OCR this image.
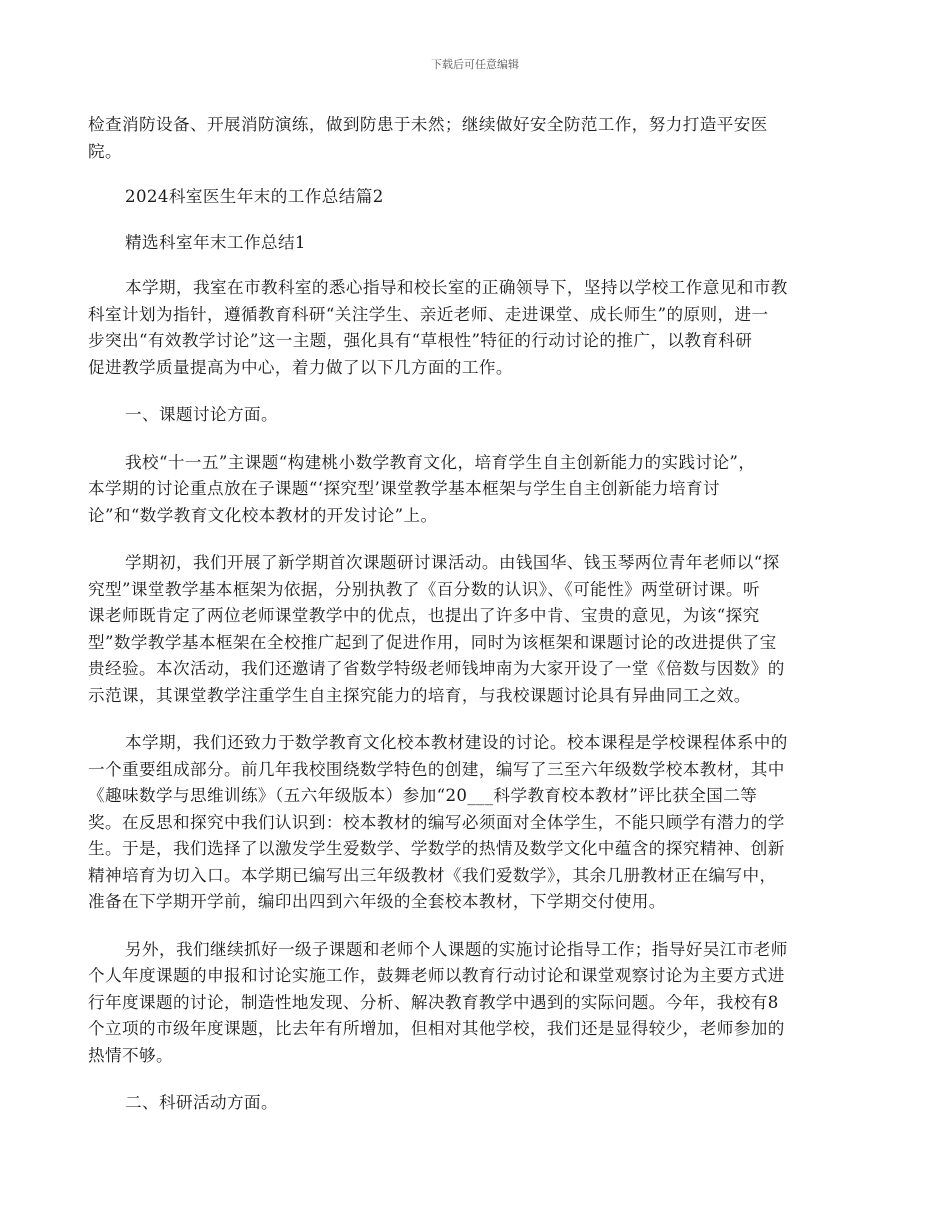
下载后可任意编辑

检查消防设备、开展消防演练，做到防患于未然；继续做好安全防范工作，努力打造平安医
院。

2024科室医生年末的工作总结篇2

精选科室年末工作总结1

本学期，我室在市教科室的悉心指导和校长室的正确领导下，坚持以学校工作意见和市教
科室计划为指针，遵循教育科研“关注学生、亲近老师、走进课堂、成长师生”的原则，进一
步突出“有效教学讨论”这一主题，强化具有“草根性”特征的行动讨论的推广，以教育科研
促进教学质量提高为中心，着力做了以下几方面的工作。

一、课题讨论方面。

我校“十一五”主课题“构建桃小数学教育文化，培育学生自主创新能力的实践讨论”，
本学期的讨论重点放在子课题“‘探究型’课堂教学基本框架与学生自主创新能力培育讨
论”和“数学教育文化校本教材的开发讨论”上。

学期初，我们开展了新学期首次课题研讨课活动。由钱国华、钱玉琴两位青年老师以“探
究型”课堂教学基本框架为依据，分别执教了《百分数的认识》、《可能性》两堂研讨课。听
课老师既肯定了两位老师课堂教学中的优点，也提出了许多中肯、宝贵的意见，为该“探究
型”数学教学基本框架在全校推广起到了促进作用，同时为该框架和课题讨论的改进提供了宝
贵经验。本次活动，我们还邀请了省数学特级老师钱坤南为大家开设了一堂《倍数与因数》的
示范课，其课堂教学注重学生自主探究能力的培育，与我校课题讨论具有异曲同工之效。

本学期，我们还致力于数学教育文化校本教材建设的讨论。校本课程是学校课程体系中的
一个重要组成部分。前几年我校围绕数学特色的创建，编写了三至六年级数学校本教材，其中
《趣味数学与思维训练》（五六年级版本）参加“20___科学教育校本教材”评比获全国二等
奖。在反思和探究中我们认识到：校本教材的编写必须面对全体学生，不能只顾学有潜力的学
生。于是，我们选择了以激发学生爱数学、学数学的热情及数学文化中蕴含的探究精神、创新
精神培育为切入口。本学期已编写出三年级教材《我们爱数学》，其余几册教材正在编写中，
准备在下学期开学前，编印出四到六年级的全套校本教材，下学期交付使用。

另外，我们继续抓好一级子课题和老师个人课题的实施讨论指导工作；指导好吴江市老师
个人年度课题的申报和讨论实施工作，鼓舞老师以教育行动讨论和课堂观察讨论为主要方式进
行年度课题的讨论，制造性地发现、分析、解决教育教学中遇到的实际问题。今年，我校有8
个立项的市级年度课题，比去年有所增加，但相对其他学校，我们还是显得较少，老师参加的
热情不够。

二、科研活动方面。
